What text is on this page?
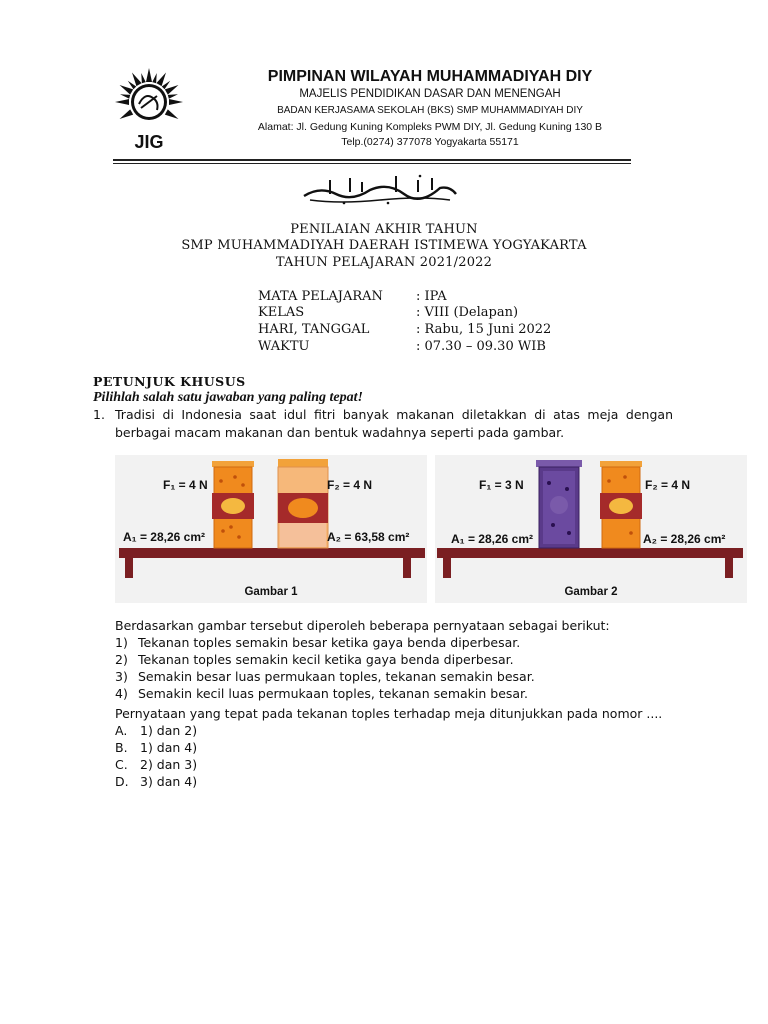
JIG
PIMPINAN WILAYAH MUHAMMADIYAH DIY
MAJELIS PENDIDIKAN DASAR DAN MENENGAH
BADAN KERJASAMA SEKOLAH (BKS) SMP MUHAMMADIYAH DIY
Alamat: Jl. Gedung Kuning Kompleks PWM DIY, Jl. Gedung Kuning 130 B
Telp.(0274) 377078 Yogyakarta 55171
PENILAIAN AKHIR TAHUN
SMP MUHAMMADIYAH DAERAH ISTIMEWA YOGYAKARTA
TAHUN PELAJARAN 2021/2022
MATA PELAJARAN	: IPA
KELAS	: VIII (Delapan)
HARI, TANGGAL	: Rabu, 15 Juni 2022
WAKTU	: 07.30 – 09.30 WIB
PETUNJUK KHUSUS
Pilihlah salah satu jawaban yang paling tepat!
1. Tradisi di Indonesia saat idul fitri banyak makanan diletakkan di atas meja dengan
berbagai macam makanan dan bentuk wadahnya seperti pada gambar.
F₁ = 4 N	F₂ = 4 N
A₁ = 28,26 cm²	A₂ = 63,58 cm²
Gambar 1
F₁ = 3 N	F₂ = 4 N
A₁ = 28,26 cm²	A₂ = 28,26 cm²
Gambar 2
Berdasarkan gambar tersebut diperoleh beberapa pernyataan sebagai berikut:
1) Tekanan toples semakin besar ketika gaya benda diperbesar.
2) Tekanan toples semakin kecil ketika gaya benda diperbesar.
3) Semakin besar luas permukaan toples, tekanan semakin besar.
4) Semakin kecil luas permukaan toples, tekanan semakin besar.
Pernyataan yang tepat pada tekanan toples terhadap meja ditunjukkan pada nomor ....
A. 1) dan 2)
B. 1) dan 4)
C. 2) dan 3)
D. 3) dan 4)
